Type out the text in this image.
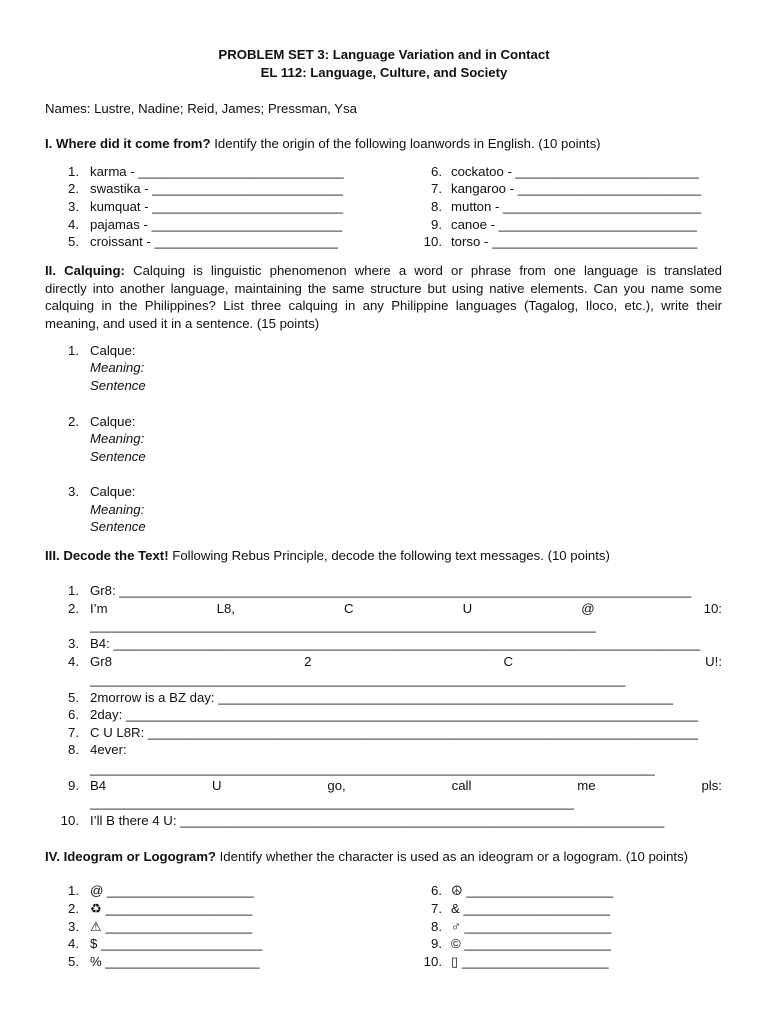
PROBLEM SET 3: Language Variation and in Contact
EL 112: Language, Culture, and Society
Names: Lustre, Nadine; Reid, James; Pressman, Ysa
I. Where did it come from? Identify the origin of the following loanwords in English. (10 points)
1. karma - ____________________________
2. swastika - __________________________
3. kumquat - __________________________
4. pajamas - __________________________
5. croissant - _________________________
6. cockatoo - _________________________
7. kangaroo - _________________________
8. mutton - ___________________________
9. canoe - ___________________________
10. torso - ____________________________
II. Calquing: Calquing is linguistic phenomenon where a word or phrase from one language is translated
directly into another language, maintaining the same structure but using native elements. Can you name some
calquing in the Philippines? List three calquing in any Philippine languages (Tagalog, Ilocо, etc.), write their
meaning, and used it in a sentence. (15 points)
1. Calque:
Meaning:
Sentence
2. Calque:
Meaning:
Sentence
3. Calque:
Meaning:
Sentence
III. Decode the Text! Following Rebus Principle, decode the following text messages. (10 points)
1. Gr8: ______________________________________________________________________________
2. I’m	L8,	C	U	@	10:
_____________________________________________________________________
3. B4: ________________________________________________________________________________
4. Gr8	2	C	U!:
_________________________________________________________________________
5. 2morrow is a BZ day: ______________________________________________________________
6. 2day: ______________________________________________________________________________
7. C U L8R: ___________________________________________________________________________
8. 4ever:
_____________________________________________________________________________
9. B4	U	go,	call	me	pls:
__________________________________________________________________
10. I’ll B there 4 U: __________________________________________________________________
IV. Ideogram or Logogram? Identify whether the character is used as an ideogram or a logogram. (10 points)
1. @ ____________________
2. ♻ ____________________
3. ⚠ ____________________
4. $ ______________________
5. % _____________________
6. ☮ ____________________
7. & ____________________
8. ♂ ____________________
9. © ____________________
10. ▯ ____________________
